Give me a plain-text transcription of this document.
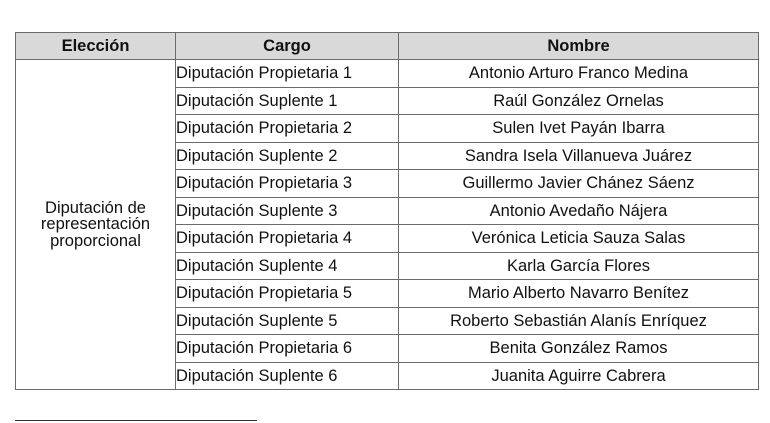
Elección	Cargo	Nombre
Diputación de representación proporcional	Diputación Propietaria 1	Antonio Arturo Franco Medina
	Diputación Suplente 1	Raúl González Ornelas
	Diputación Propietaria 2	Sulen Ivet Payán Ibarra
	Diputación Suplente 2	Sandra Isela Villanueva Juárez
	Diputación Propietaria 3	Guillermo Javier Chánez Sáenz
	Diputación Suplente 3	Antonio Avedaño Nájera
	Diputación Propietaria 4	Verónica Leticia Sauza Salas
	Diputación Suplente 4	Karla García Flores
	Diputación Propietaria 5	Mario Alberto Navarro Benítez
	Diputación Suplente 5	Roberto Sebastián Alanís Enríquez
	Diputación Propietaria 6	Benita González Ramos
	Diputación Suplente 6	Juanita Aguirre Cabrera
